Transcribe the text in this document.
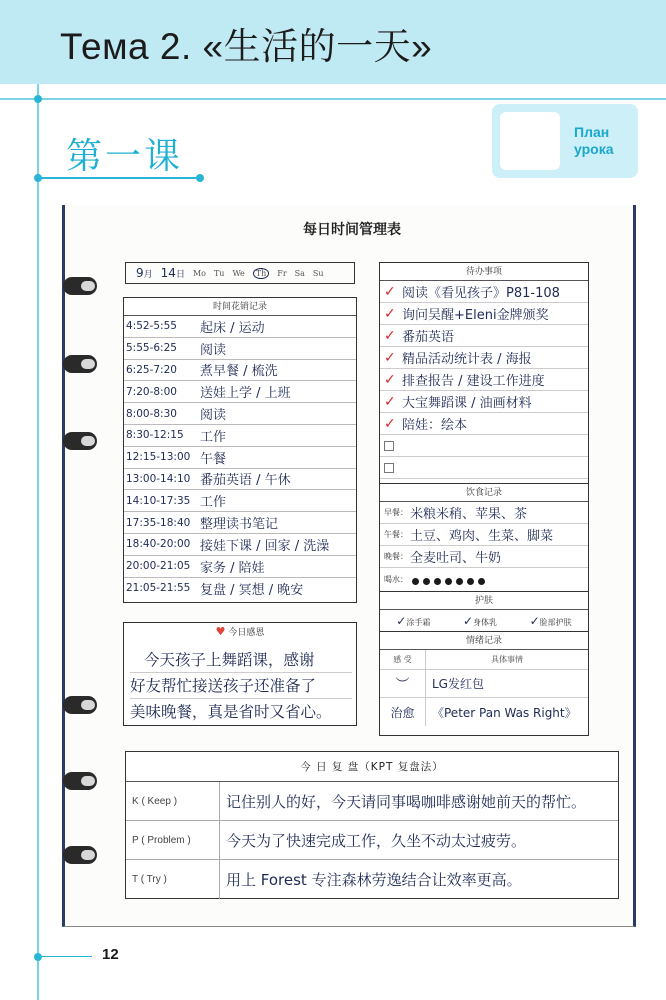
Тема 2. «生活的一天»
第一课
План
урока
每日时间管理表
9月 14日 Mo Tu We	Th	Fr Sa Su
时间花销记录
4:52-5:55	起床 / 运动
5:55-6:25	阅读
6:25-7:20	煮早餐 / 梳洗
7:20-8:00	送娃上学 / 上班
8:00-8:30	阅读
8:30-12:15	工作
12:15-13:00 午餐
13:00-14:10 番茄英语 / 午休
14:10-17:35 工作
17:35-18:40 整理读书笔记
18:40-20:00 接娃下课 / 回家 / 洗澡
20:00-21:05 家务 / 陪娃
21:05-21:55 复盘 / 冥想 / 晚安
待办事项
✓ 阅读《看见孩子》P81-108
✓ 询问吴醒+Eleni金牌颁奖
✓ 番茄英语
✓ 精品活动统计表 / 海报
✓ 排查报告 / 建设工作进度
✓ 大宝舞蹈课 / 油画材料
✓ 陪娃：绘本
饮食记录
早餐： 米粮米稍、苹果、茶
午餐： 土豆、鸡肉、生菜、脚菜
晚餐： 全麦吐司、牛奶
喝水：
护肤
✓涂手霜	✓身体乳	✓脸部护肤
情绪记录
感 受	具体事情
︶	LG发红包
治愈	《Peter Pan Was Right》
♥ 今日感恩
今天孩子上舞蹈课，感谢
好友帮忙接送孩子还准备了
美味晚餐，真是省时又省心。
今 日 复 盘（KPT 复盘法）
K ( Keep )	记住别人的好，今天请同事喝咖啡感谢她前天的帮忙。
P ( Problem )	今天为了快速完成工作，久坐不动太过疲劳。
T ( Try )	用上 Forest 专注森林劳逸结合让效率更高。
12
